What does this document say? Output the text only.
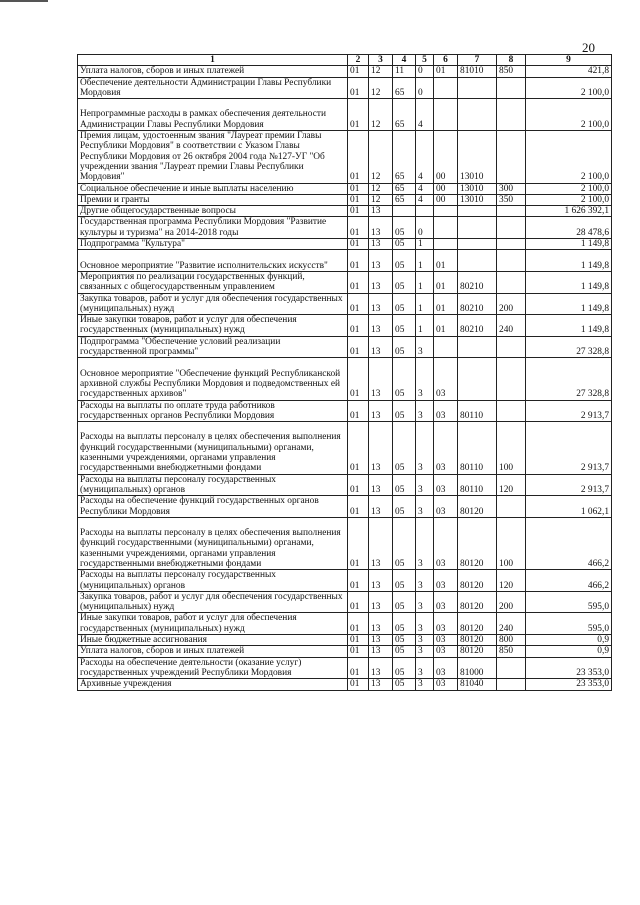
20
1	2	3	4	5	6	7	8	9
Уплата налогов, сборов и иных платежей	01	12	11	0	01	81010	850	421,8
Обеспечение деятельности Администрации Главы Республики Мордовия	01	12	65	0				2 100,0
Непрограммные расходы в рамках обеспечения деятельности Администрации Главы Республики Мордовия	01	12	65	4				2 100,0
Премия лицам, удостоенным звания "Лауреат премии Главы Республики Мордовия" в соответствии с Указом Главы Республики Мордовия от 26 октября 2004 года №127-УГ "Об учреждении звания "Лауреат премии Главы Республики Мордовия"	01	12	65	4	00	13010		2 100,0
Социальное обеспечение и иные выплаты населению	01	12	65	4	00	13010	300	2 100,0
Премии и гранты	01	12	65	4	00	13010	350	2 100,0
Другие общегосударственные вопросы	01	13						1 626 392,1
Государственная программа Республики Мордовия "Развитие культуры и туризма" на 2014-2018 годы	01	13	05	0				28 478,6
Подпрограмма "Культура"	01	13	05	1				1 149,8
Основное мероприятие "Развитие исполнительских искусств"	01	13	05	1	01			1 149,8
Мероприятия по реализации государственных функций, связанных с общегосударственным управлением	01	13	05	1	01	80210		1 149,8
Закупка товаров, работ и услуг для обеспечения государственных (муниципальных) нужд	01	13	05	1	01	80210	200	1 149,8
Иные закупки товаров, работ и услуг для обеспечения государственных (муниципальных) нужд	01	13	05	1	01	80210	240	1 149,8
Подпрограмма "Обеспечение условий реализации государственной программы"	01	13	05	3				27 328,8
Основное мероприятие "Обеспечение функций Республиканской архивной службы Республики Мордовия и подведомственных ей государственных архивов"	01	13	05	3	03			27 328,8
Расходы на выплаты по оплате труда работников государственных органов Республики Мордовия	01	13	05	3	03	80110		2 913,7
Расходы на выплаты персоналу в целях обеспечения выполнения функций государственными (муниципальными) органами, казенными учреждениями, органами управления государственными внебюджетными фондами	01	13	05	3	03	80110	100	2 913,7
Расходы на выплаты персоналу государственных (муниципальных) органов	01	13	05	3	03	80110	120	2 913,7
Расходы на обеспечение функций государственных органов Республики Мордовия	01	13	05	3	03	80120		1 062,1
Расходы на выплаты персоналу в целях обеспечения выполнения функций государственными (муниципальными) органами, казенными учреждениями, органами управления государственными внебюджетными фондами	01	13	05	3	03	80120	100	466,2
Расходы на выплаты персоналу государственных (муниципальных) органов	01	13	05	3	03	80120	120	466,2
Закупка товаров, работ и услуг для обеспечения государственных (муниципальных) нужд	01	13	05	3	03	80120	200	595,0
Иные закупки товаров, работ и услуг для обеспечения государственных (муниципальных) нужд	01	13	05	3	03	80120	240	595,0
Иные бюджетные ассигнования	01	13	05	3	03	80120	800	0,9
Уплата налогов, сборов и иных платежей	01	13	05	3	03	80120	850	0,9
Расходы на обеспечение деятельности (оказание услуг) государственных учреждений Республики Мордовия	01	13	05	3	03	81000		23 353,0
Архивные учреждения	01	13	05	3	03	81040		23 353,0
